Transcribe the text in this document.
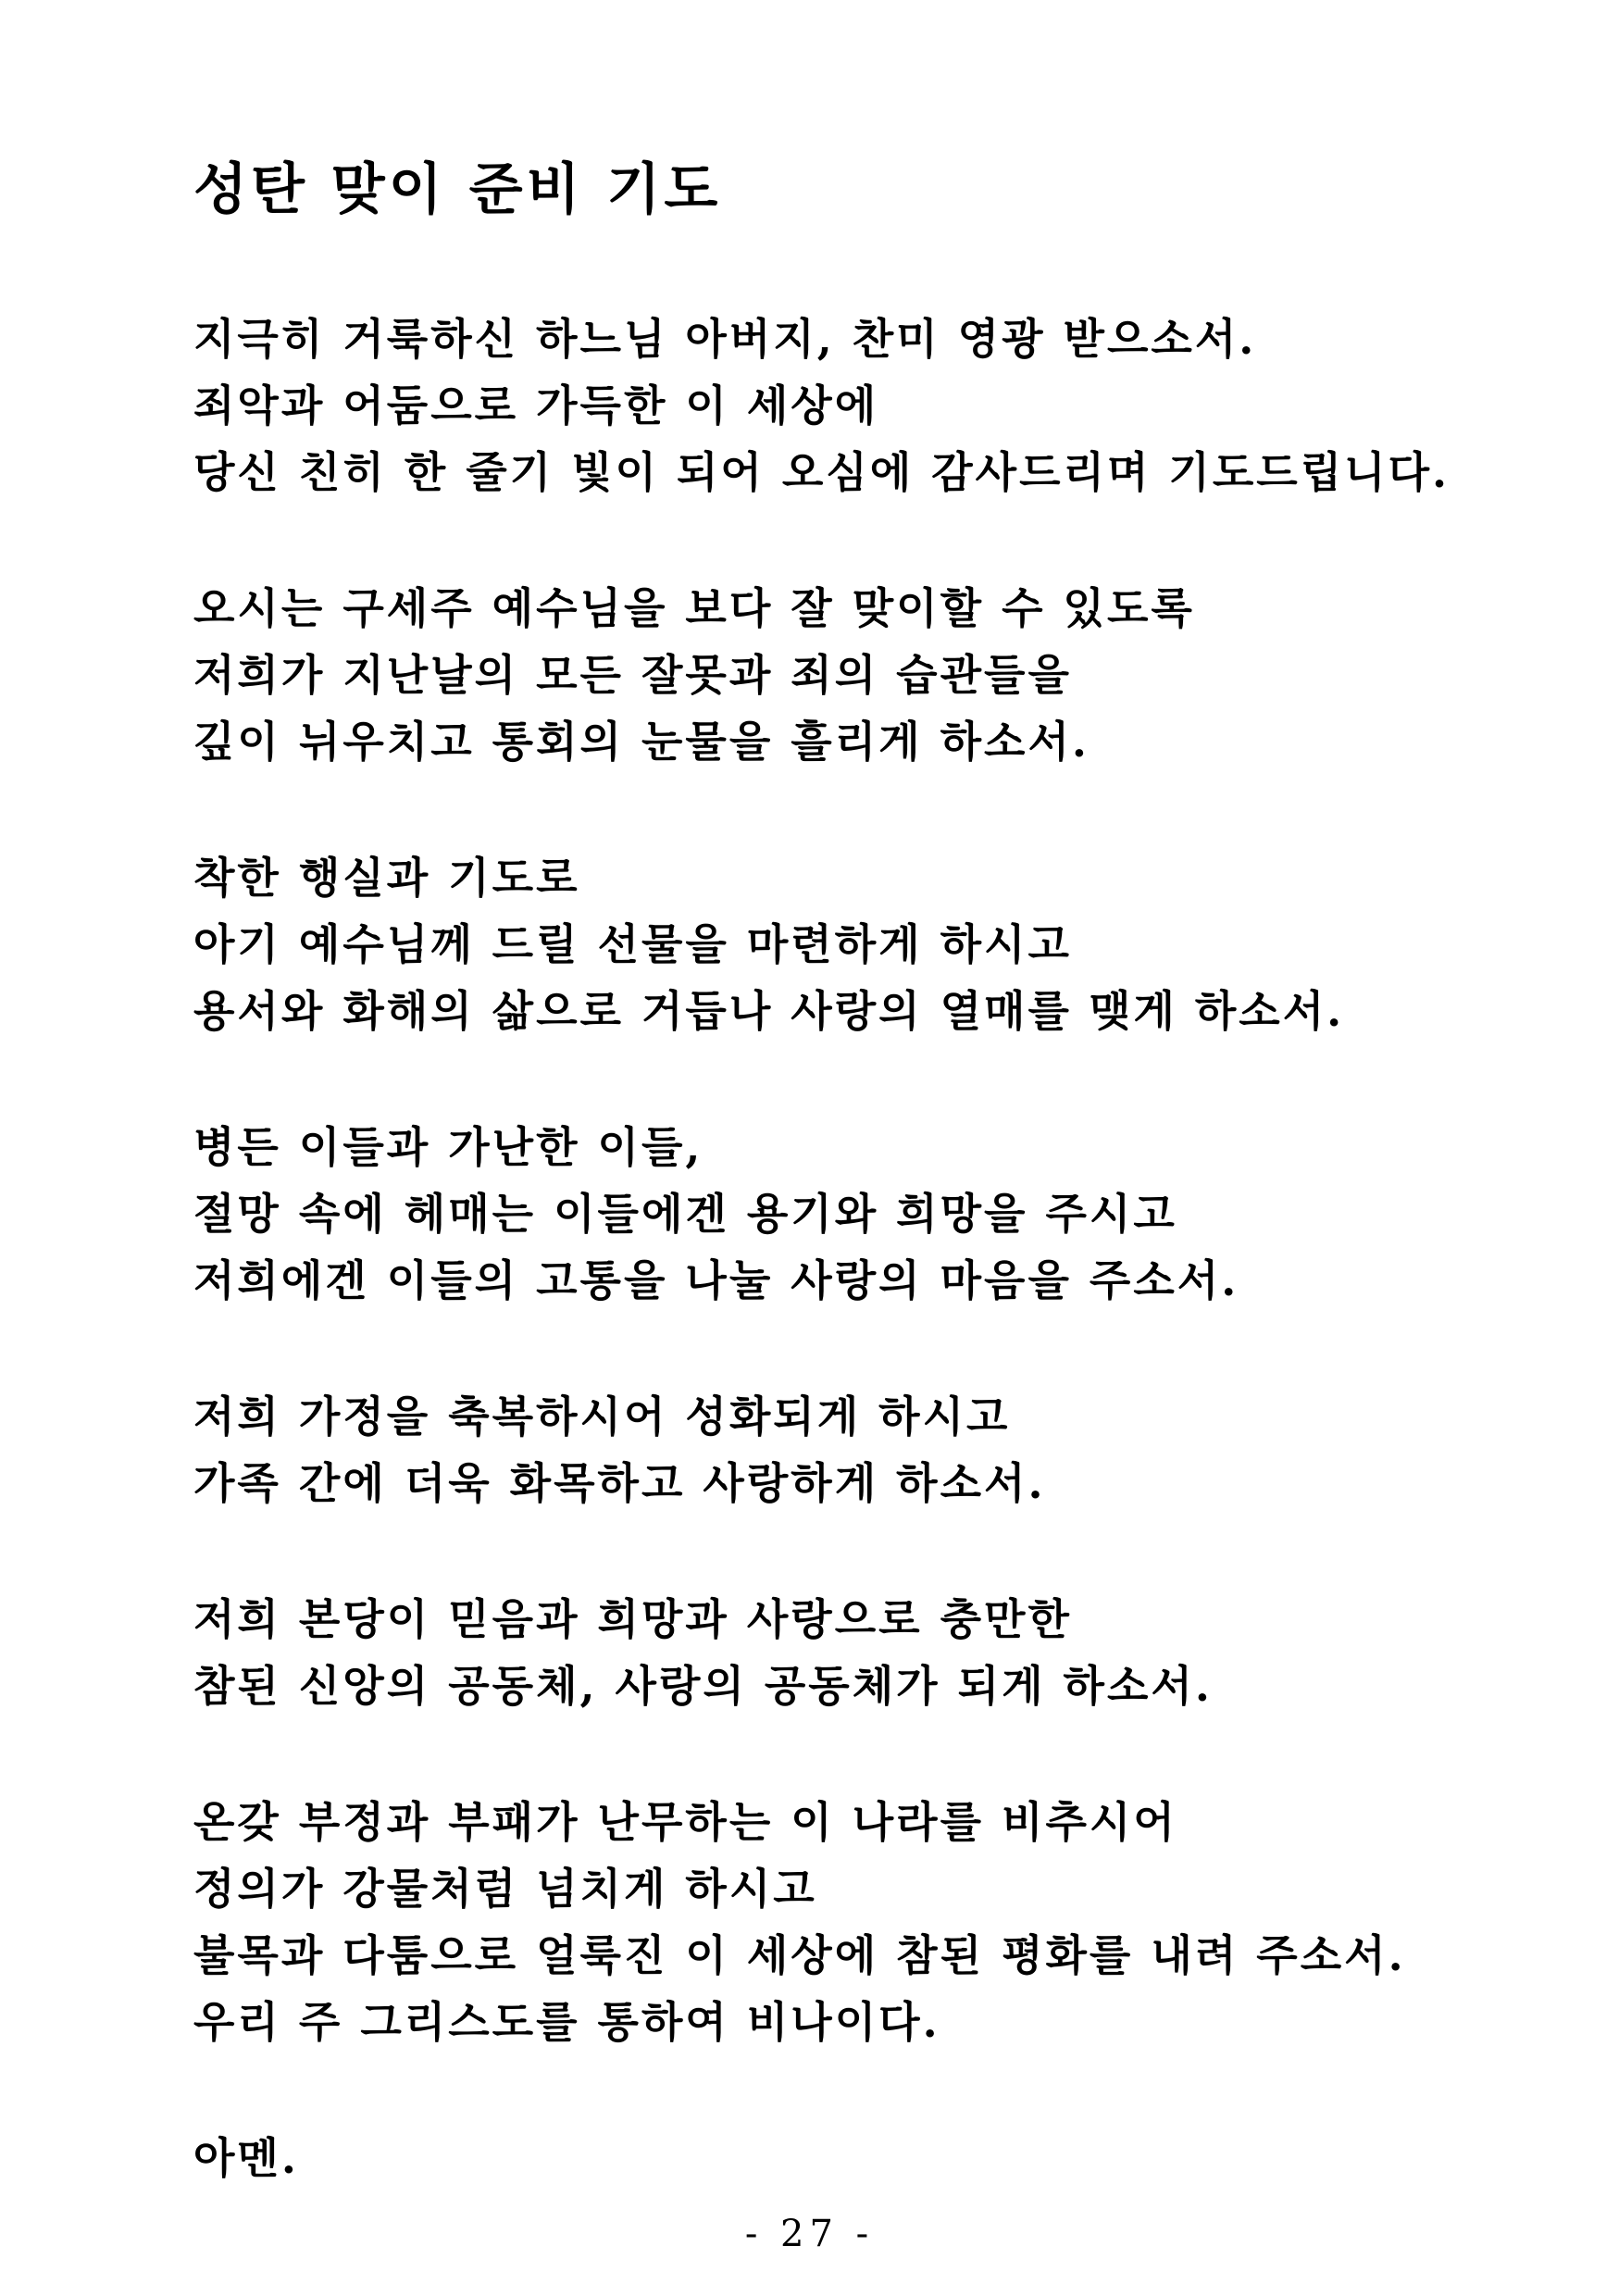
성탄 맞이 준비 기도

지극히 거룩하신 하느님 아버지, 찬미 영광 받으소서.

죄악과 어둠으로 가득한 이 세상에

당신 친히 한 줄기 빛이 되어 오심에 감사드리며 기도드립니다.

오시는 구세주 예수님을 보다 잘 맞이할 수 있도록

저희가 지난날의 모든 잘못과 죄의 습관들을

깊이 뉘우치고 통회의 눈물을 흘리게 하소서.

착한 행실과 기도로

아기 예수님께 드릴 선물을 마련하게 하시고

용서와 화해의 삶으로 거듭나 사랑의 열매를 맺게 하소서.

병든 이들과 가난한 이들,

절망 속에 헤매는 이들에겐 용기와 희망을 주시고

저희에겐 이들의 고통을 나눌 사랑의 마음을 주소서.

저희 가정을 축복하시어 성화되게 하시고

가족 간에 더욱 화목하고 사랑하게 하소서.

저희 본당이 믿음과 희망과 사랑으로 충만한

참된 신앙의 공동체, 사랑의 공동체가 되게 하소서.

온갖 부정과 부패가 난무하는 이 나라를 비추시어

정의가 강물처럼 넘치게 하시고

불목과 다툼으로 얼룩진 이 세상에 참된 평화를 내려 주소서.

우리 주 그리스도를 통하여 비나이다.

아멘.

- 27 -
